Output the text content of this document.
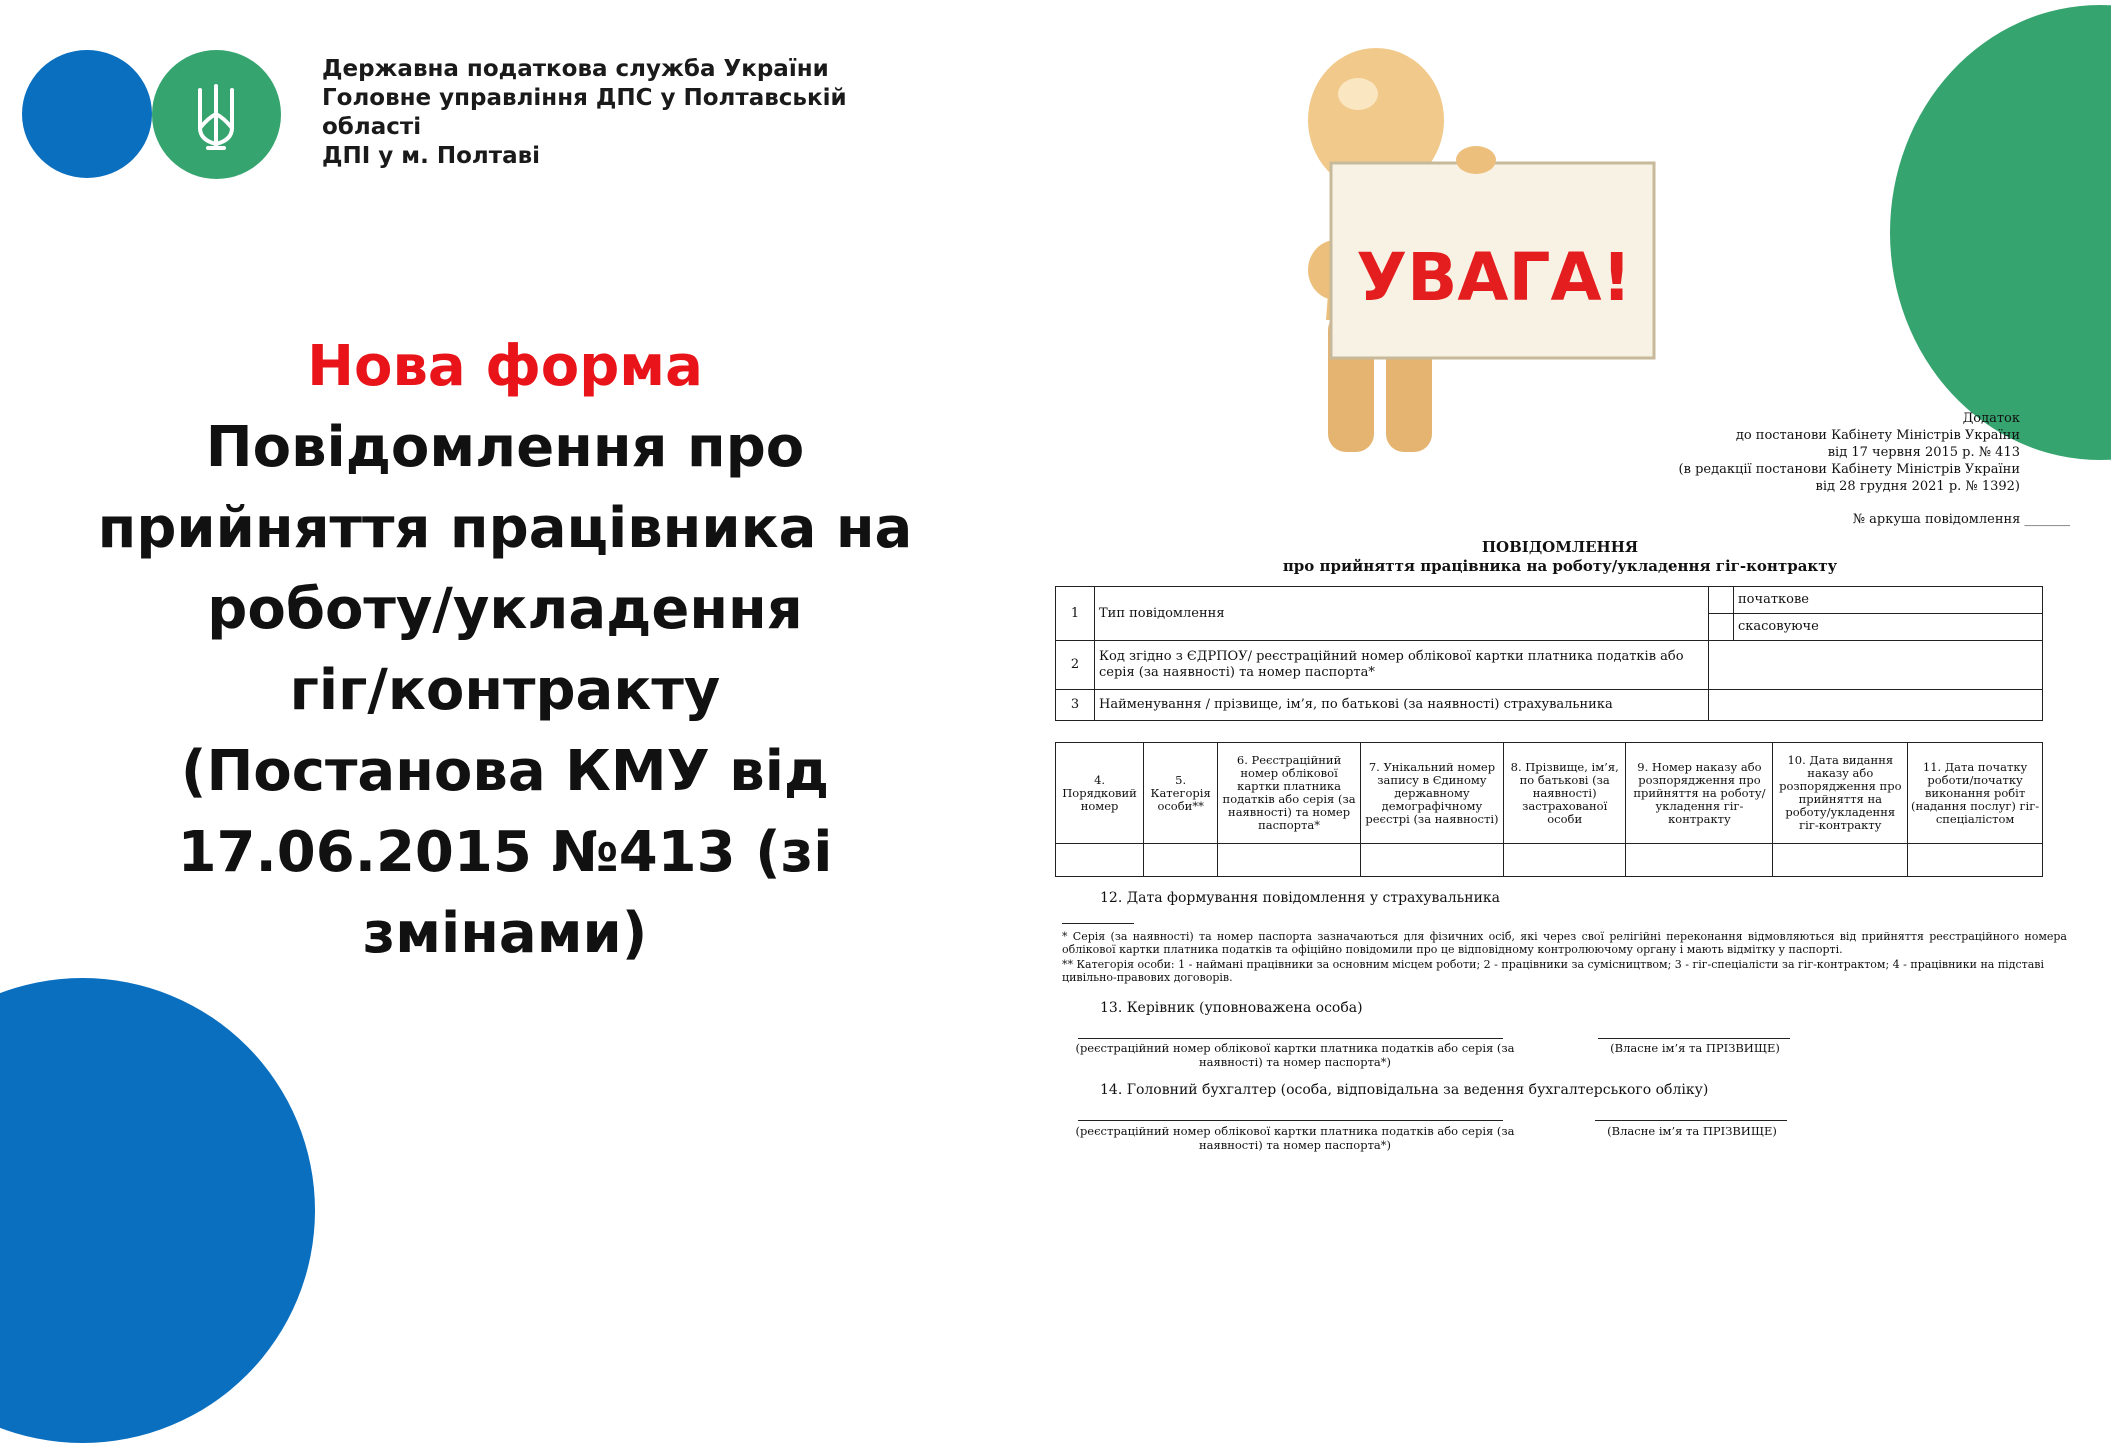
Державна податкова служба України
Головне управління ДПС у Полтавській
області
ДПІ у м. Полтаві
Нова форма
Повідомлення про
прийняття працівника на
роботу/укладення
гіг/контракту
(Постанова КМУ від
17.06.2015 №413 (зі
змінами)
УВАГА!
Додаток
до постанови Кабінету Міністрів України
від 17 червня 2015 р. № 413
(в редакції постанови Кабінету Міністрів України
від 28 грудня 2021 р. № 1392)
№ аркуша повідомлення _______
ПОВІДОМЛЕННЯ
про прийняття працівника на роботу/укладення гіг-контракту
1	Тип повідомлення		початкове
			скасовуюче
2	Код згідно з ЄДРПОУ/ реєстраційний номер облікової картки платника податків або серія (за наявності) та номер паспорта*		
3	Найменування / прізвище, ім’я, по батькові (за наявності) страхувальника		
4. Порядковий номер	5. Категорія особи**	6. Реєстраційний номер облікової картки платника податків або серія (за наявності) та номер паспорта*	7. Унікальний номер запису в Єдиному державному демографічному реєстрі (за наявності)	8. Прізвище, ім’я, по батькові (за наявності) застрахованої особи	9. Номер наказу або розпорядження про прийняття на роботу/укладення гіг-контракту	10. Дата видання наказу або розпорядження про прийняття на роботу/укладення гіг-контракту	11. Дата початку роботи/початку виконання робіт (надання послуг) гіг-спеціалістом

12. Дата формування повідомлення у страхувальника
* Серія (за наявності) та номер паспорта зазначаються для фізичних осіб, які через свої релігійні переконання відмовляються від прийняття реєстраційного номера облікової картки платника податків та офіційно повідомили про це відповідному контролюючому органу і мають відмітку у паспорті.
** Категорія особи: 1 - наймані працівники за основним місцем роботи; 2 - працівники за сумісництвом; 3 - гіг-спеціалісти за гіг-контрактом; 4 - працівники на підставі цивільно-правових договорів.
13. Керівник (уповноважена особа)
(реєстраційний номер облікової картки платника податків або серія (за наявності) та номер паспорта*)
(Власне ім’я та ПРІЗВИЩЕ)
14. Головний бухгалтер (особа, відповідальна за ведення бухгалтерського обліку)
(реєстраційний номер облікової картки платника податків або серія (за наявності) та номер паспорта*)
(Власне ім’я та ПРІЗВИЩЕ)
